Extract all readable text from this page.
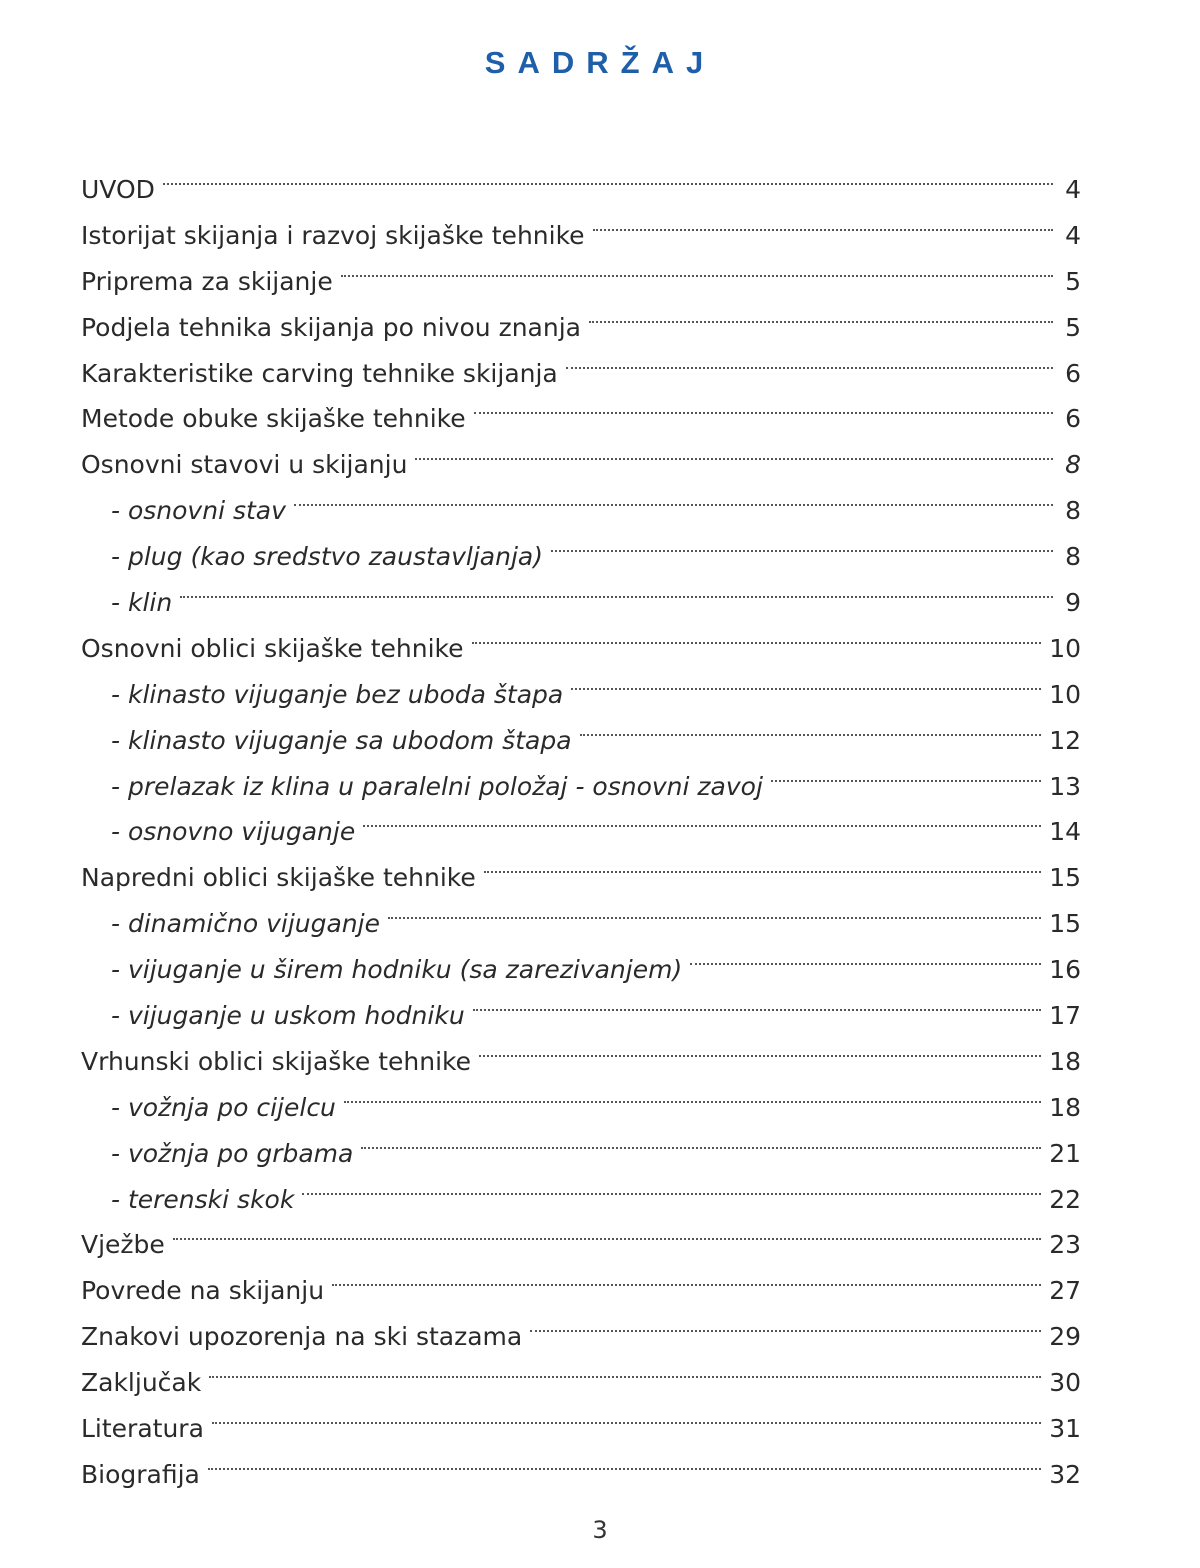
SADRŽAJ
UVOD	4
Istorijat skijanja i razvoj skijaške tehnike	4
Priprema za skijanje	5
Podjela tehnika skijanja po nivou znanja	5
Karakteristike carving tehnike skijanja	6
Metode obuke skijaške tehnike	6
Osnovni stavovi u skijanju	8
- osnovni stav	8
- plug (kao sredstvo zaustavljanja)	8
- klin	9
Osnovni oblici skijaške tehnike	10
- klinasto vijuganje bez uboda štapa	10
- klinasto vijuganje sa ubodom štapa	12
- prelazak iz klina u paralelni položaj - osnovni zavoj	13
- osnovno vijuganje	14
Napredni oblici skijaške tehnike	15
- dinamično vijuganje	15
- vijuganje u širem hodniku (sa zarezivanjem)	16
- vijuganje u uskom hodniku	17
Vrhunski oblici skijaške tehnike	18
- vožnja po cijelcu	18
- vožnja po grbama	21
- terenski skok	22
Vježbe	23
Povrede na skijanju	27
Znakovi upozorenja na ski stazama	29
Zaključak	30
Literatura	31
Biografija	32
3
